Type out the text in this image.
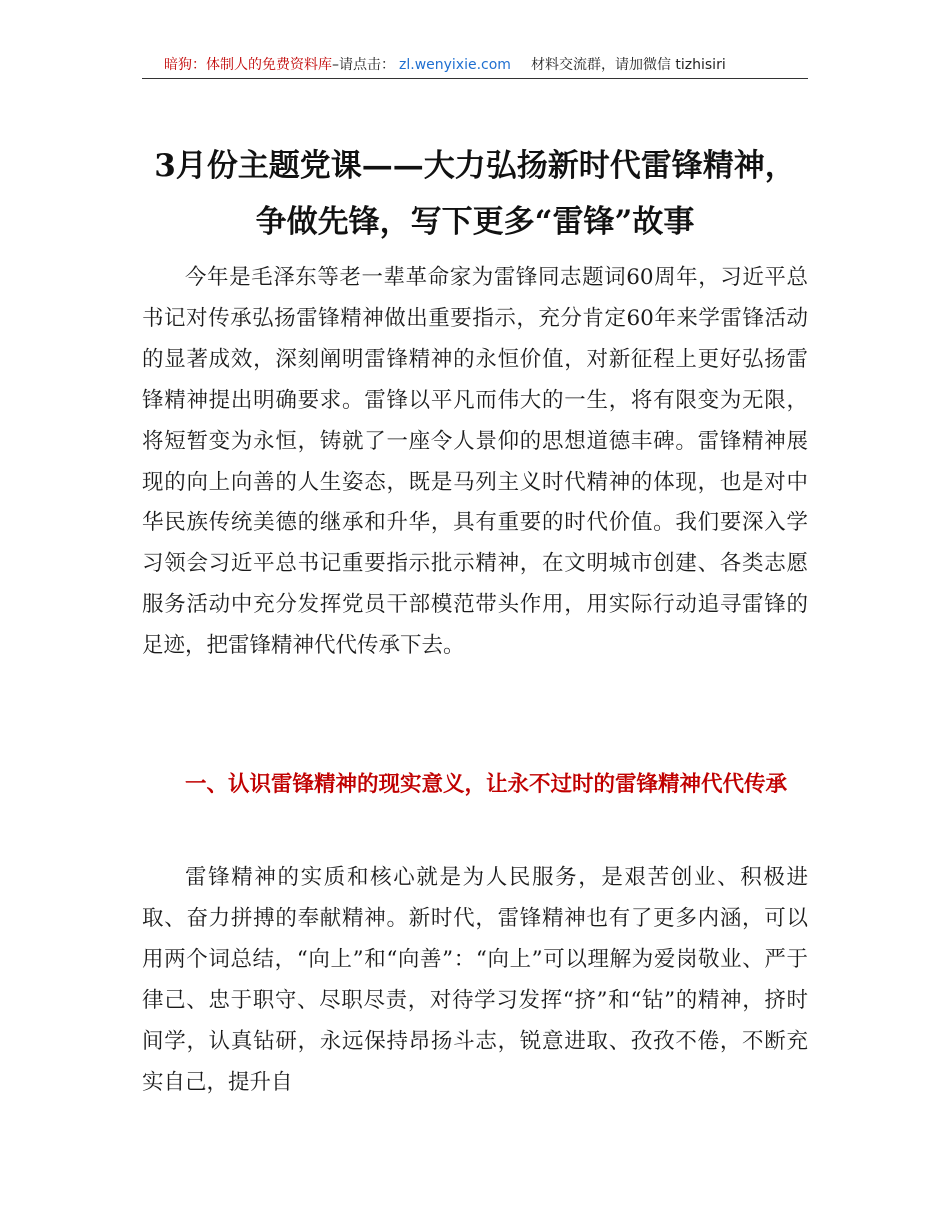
暗狗：体制人的免费资料库–请点击： zl.wenyixie.com 材料交流群，请加微信 tizhisiri
3月份主题党课——大力弘扬新时代雷锋精神，争做先锋，写下更多“雷锋”故事

今年是毛泽东等老一辈革命家为雷锋同志题词60周年，习近平总书记对传承弘扬雷锋精神做出重要指示，充分肯定60年来学雷锋活动的显著成效，深刻阐明雷锋精神的永恒价值，对新征程上更好弘扬雷锋精神提出明确要求。雷锋以平凡而伟大的一生，将有限变为无限，将短暂变为永恒，铸就了一座令人景仰的思想道德丰碑。雷锋精神展现的向上向善的人生姿态，既是马列主义时代精神的体现，也是对中华民族传统美德的继承和升华，具有重要的时代价值。我们要深入学习领会习近平总书记重要指示批示精神，在文明城市创建、各类志愿服务活动中充分发挥党员干部模范带头作用，用实际行动追寻雷锋的足迹，把雷锋精神代代传承下去。

一、认识雷锋精神的现实意义，让永不过时的雷锋精神代代传承

雷锋精神的实质和核心就是为人民服务，是艰苦创业、积极进取、奋力拼搏的奉献精神。新时代，雷锋精神也有了更多内涵，可以用两个词总结，“向上”和“向善”：“向上”可以理解为爱岗敬业、严于律己、忠于职守、尽职尽责，对待学习发挥“挤”和“钻”的精神，挤时间学，认真钻研，永远保持昂扬斗志，锐意进取、孜孜不倦，不断充实自己，提升自
